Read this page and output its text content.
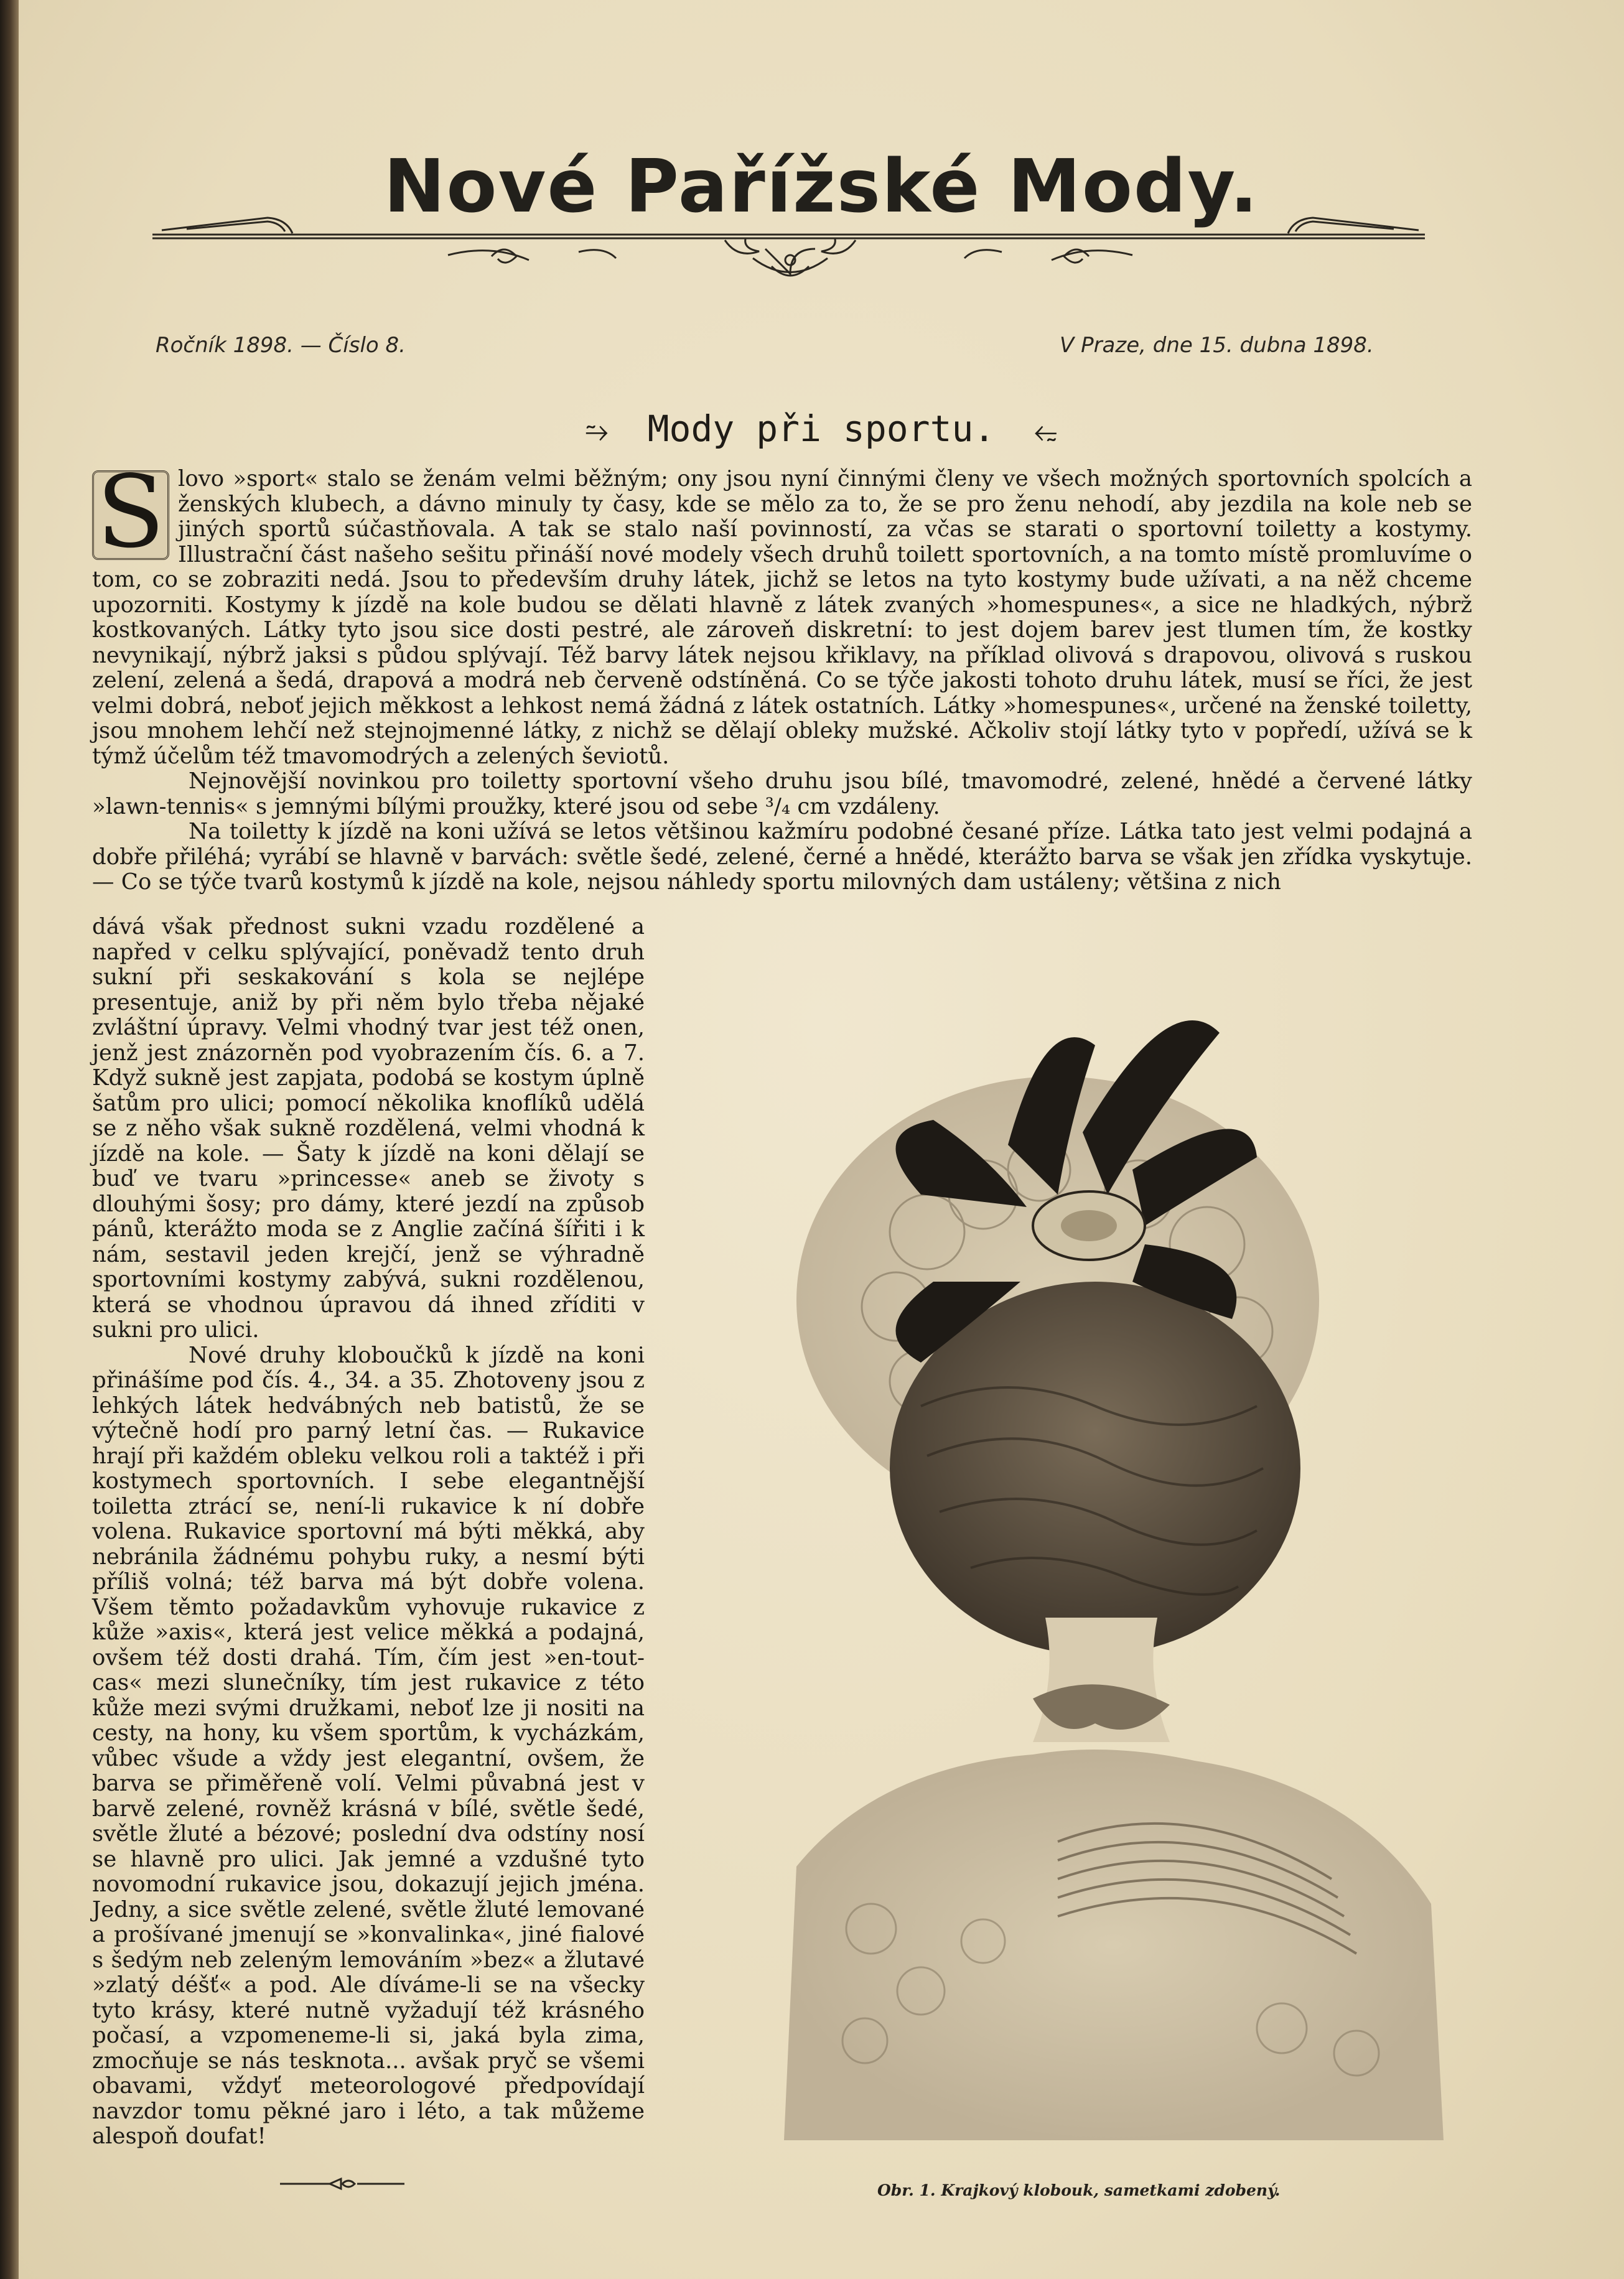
Nové Pařížské Mody.
Ročník 1898. — Číslo 8.	V Praze, dne 15. dubna 1898.
⥲ Mody při sportu. ⥳

S lovo »sport« stalo se ženám velmi běžným; ony jsou nyní činnými členy ve všech možných sportovních spolcích a ženských klubech, a dávno minuly ty časy, kde se mělo za to, že se pro ženu nehodí, aby jezdila na kole neb se jiných sportů súčastňovala. A tak se stalo naší povinností, za včas se starati o sportovní toiletty a kostymy. Illustrační část našeho sešitu přináší nové modely všech druhů toilett sportovních, a na tomto místě promluvíme o tom, co se zobraziti nedá. Jsou to především druhy látek, jichž se letos na tyto kostymy bude užívati, a na něž chceme upozorniti. Kostymy k jízdě na kole budou se dělati hlavně z látek zvaných »homespunes«, a sice ne hladkých, nýbrž kostkovaných. Látky tyto jsou sice dosti pestré, ale zároveň diskretní: to jest dojem barev jest tlumen tím, že kostky nevynikají, nýbrž jaksi s půdou splývají. Též barvy látek nejsou křiklavy, na příklad olivová s drapovou, olivová s ruskou zelení, zelená a šedá, drapová a modrá neb červeně odstíněná. Co se týče jakosti tohoto druhu látek, musí se říci, že jest velmi dobrá, neboť jejich měkkost a lehkost nemá žádná z látek ostatních. Látky »homespunes«, určené na ženské toiletty, jsou mnohem lehčí než stejnojmenné látky, z nichž se dělají obleky mužské. Ačkoliv stojí látky tyto v popředí, užívá se k týmž účelům též tmavomodrých a zelených ševiotů.

Nejnovější novinkou pro toiletty sportovní všeho druhu jsou bílé, tmavomodré, zelené, hnědé a červené látky »lawn-tennis« s jemnými bílými proužky, které jsou od sebe ³/₄ cm vzdáleny.

Na toiletty k jízdě na koni užívá se letos většinou kažmíru podobné česané příze. Látka tato jest velmi podajná a dobře přiléhá; vyrábí se hlavně v barvách: světle šedé, zelené, černé a hnědé, kterážto barva se však jen zřídka vyskytuje. — Co se týče tvarů kostymů k jízdě na kole, nejsou náhledy sportu milovných dam ustáleny; většina z nich

dává však přednost sukni vzadu rozdělené a napřed v celku splývající, poněvadž tento druh sukní při seskakování s kola se nejlépe presentuje, aniž by při něm bylo třeba nějaké zvláštní úpravy. Velmi vhodný tvar jest též onen, jenž jest znázorněn pod vyobrazením čís. 6. a 7. Když sukně jest zapjata, podobá se kostym úplně šatům pro ulici; pomocí několika knoflíků udělá se z něho však sukně rozdělená, velmi vhodná k jízdě na kole. — Šaty k jízdě na koni dělají se buď ve tvaru »princesse« aneb se životy s dlouhými šosy; pro dámy, které jezdí na způsob pánů, kterážto moda se z Anglie začíná šířiti i k nám, sestavil jeden krejčí, jenž se výhradně sportovními kostymy zabývá, sukni rozdělenou, která se vhodnou úpravou dá ihned zříditi v sukni pro ulici.

Nové druhy kloboučků k jízdě na koni přinášíme pod čís. 4., 34. a 35. Zhotoveny jsou z lehkých látek hedvábných neb batistů, že se výtečně hodí pro parný letní čas. — Rukavice hrají při každém obleku velkou roli a taktéž i při kostymech sportovních. I sebe elegantnější toiletta ztrácí se, není-li rukavice k ní dobře volena. Rukavice sportovní má býti měkká, aby nebránila žádnému pohybu ruky, a nesmí býti příliš volná; též barva má být dobře volena. Všem těmto požadavkům vyhovuje rukavice z kůže »axis«, která jest velice měkká a podajná, ovšem též dosti drahá. Tím, čím jest »en-tout-cas« mezi slunečníky, tím jest rukavice z této kůže mezi svými družkami, neboť lze ji nositi na cesty, na hony, ku všem sportům, k vycházkám, vůbec všude a vždy jest elegantní, ovšem, že barva se přiměřeně volí. Velmi půvabná jest v barvě zelené, rovněž krásná v bílé, světle šedé, světle žluté a bézové; poslední dva odstíny nosí se hlavně pro ulici. Jak jemné a vzdušné tyto novomodní rukavice jsou, dokazují jejich jména. Jedny, a sice světle zelené, světle žluté lemované a prošívané jmenují se »konvalinka«, jiné fialové s šedým neb zeleným lemováním »bez« a žlutavé »zlatý déšť« a pod. Ale díváme-li se na všecky tyto krásy, které nutně vyžadují též krásného počasí, a vzpomeneme-li si, jaká byla zima, zmocňuje se nás tesknota... avšak pryč se všemi obavami, vždyť meteorologové předpovídají navzdor tomu pěkné jaro i léto, a tak můžeme alespoň doufat!

Obr. 1. Krajkový klobouk, sametkami zdobený.
